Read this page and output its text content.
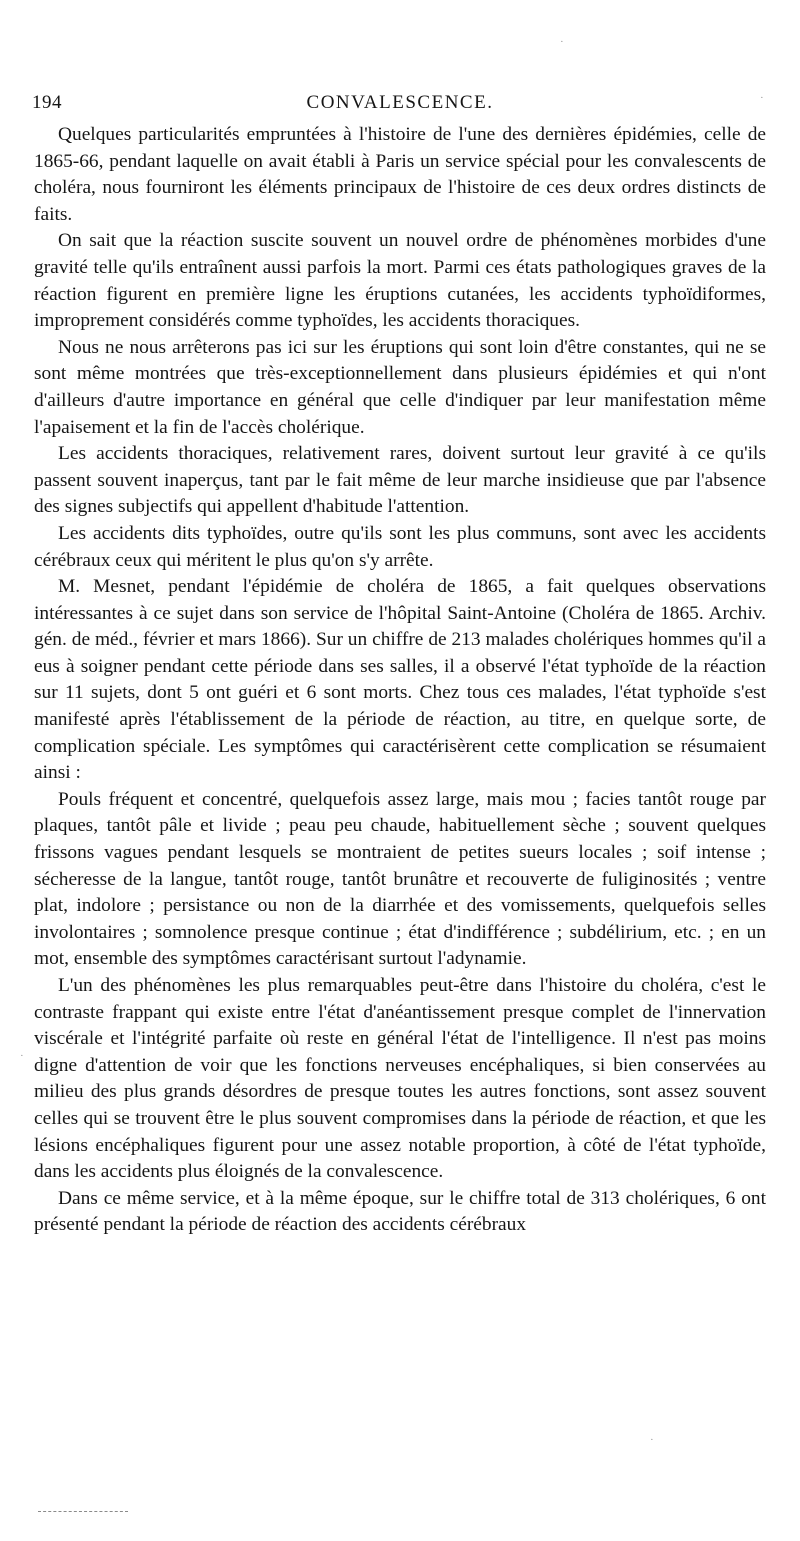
194	CONVALESCENCE.

Quelques particularités empruntées à l'histoire de l'une des dernières épidémies, celle de 1865-66, pendant laquelle on avait établi à Paris un service spécial pour les convalescents de choléra, nous fourniront les éléments principaux de l'histoire de ces deux ordres distincts de faits.

On sait que la réaction suscite souvent un nouvel ordre de phénomènes morbides d'une gravité telle qu'ils entraînent aussi parfois la mort. Parmi ces états pathologiques graves de la réaction figurent en première ligne les éruptions cutanées, les accidents typhoïdiformes, improprement considérés comme typhoïdes, les accidents thoraciques.

Nous ne nous arrêterons pas ici sur les éruptions qui sont loin d'être constantes, qui ne se sont même montrées que très-exceptionnellement dans plusieurs épidémies et qui n'ont d'ailleurs d'autre importance en général que celle d'indiquer par leur manifestation même l'apaisement et la fin de l'accès cholérique.

Les accidents thoraciques, relativement rares, doivent surtout leur gravité à ce qu'ils passent souvent inaperçus, tant par le fait même de leur marche insidieuse que par l'absence des signes subjectifs qui appellent d'habitude l'attention.

Les accidents dits typhoïdes, outre qu'ils sont les plus communs, sont avec les accidents cérébraux ceux qui méritent le plus qu'on s'y arrête.

M. Mesnet, pendant l'épidémie de choléra de 1865, a fait quelques observations intéressantes à ce sujet dans son service de l'hôpital Saint-Antoine (Choléra de 1865. Archiv. gén. de méd., février et mars 1866). Sur un chiffre de 213 malades cholériques hommes qu'il a eus à soigner pendant cette période dans ses salles, il a observé l'état typhoïde de la réaction sur 11 sujets, dont 5 ont guéri et 6 sont morts. Chez tous ces malades, l'état typhoïde s'est manifesté après l'établissement de la période de réaction, au titre, en quelque sorte, de complication spéciale. Les symptômes qui caractérisèrent cette complication se résumaient ainsi :

Pouls fréquent et concentré, quelquefois assez large, mais mou ; facies tantôt rouge par plaques, tantôt pâle et livide ; peau peu chaude, habituellement sèche ; souvent quelques frissons vagues pendant lesquels se montraient de petites sueurs locales ; soif intense ; sécheresse de la langue, tantôt rouge, tantôt brunâtre et recouverte de fuliginosités ; ventre plat, indolore ; persistance ou non de la diarrhée et des vomissements, quelquefois selles involontaires ; somnolence presque continue ; état d'indifférence ; subdélirium, etc. ; en un mot, ensemble des symptômes caractérisant surtout l'adynamie.

L'un des phénomènes les plus remarquables peut-être dans l'histoire du choléra, c'est le contraste frappant qui existe entre l'état d'anéantissement presque complet de l'innervation viscérale et l'intégrité parfaite où reste en général l'état de l'intelligence. Il n'est pas moins digne d'attention de voir que les fonctions nerveuses encéphaliques, si bien conservées au milieu des plus grands désordres de presque toutes les autres fonctions, sont assez souvent celles qui se trouvent être le plus souvent compromises dans la période de réaction, et que les lésions encéphaliques figurent pour une assez notable proportion, à côté de l'état typhoïde, dans les accidents plus éloignés de la convalescence.

Dans ce même service, et à la même époque, sur le chiffre total de 313 cholériques, 6 ont présenté pendant la période de réaction des accidents cérébraux

·
·
·
·
